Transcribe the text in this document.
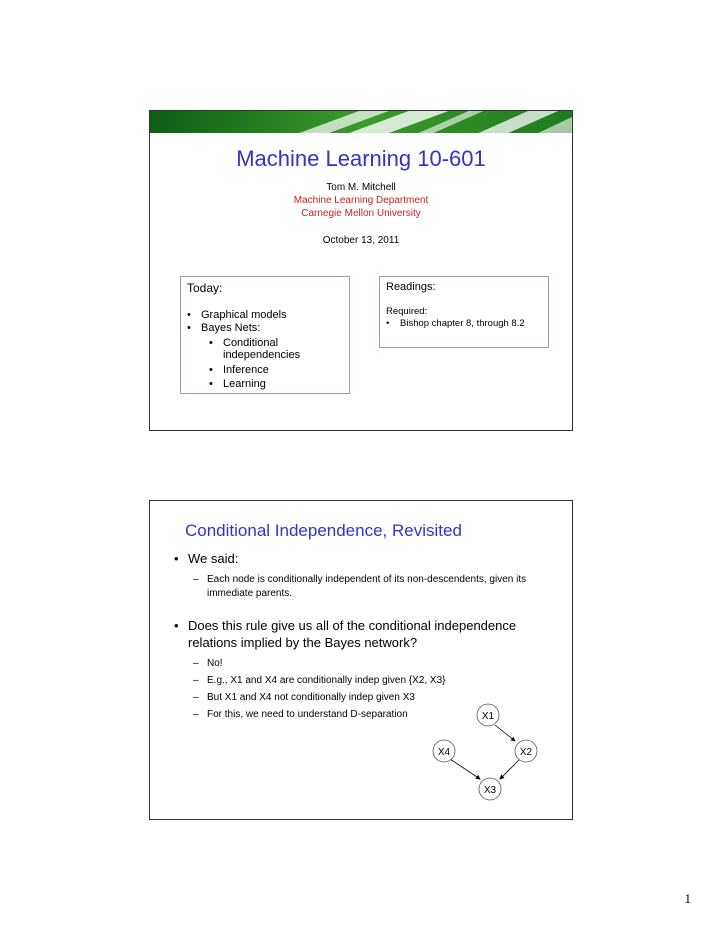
Machine Learning 10-601
Tom M. Mitchell
Machine Learning Department
Carnegie Mellon University
October 13, 2011
Today:
• Graphical models
• Bayes Nets:
• Conditional independencies
• Inference
• Learning
Readings:
Required:
• Bishop chapter 8, through 8.2
Conditional Independence, Revisited
• We said:
– Each node is conditionally independent of its non-descendents, given its immediate parents.
• Does this rule give us all of the conditional independence relations implied by the Bayes network?
– No!
– E.g., X1 and X4 are conditionally indep given {X2, X3}
– But X1 and X4 not conditionally indep given X3
– For this, we need to understand D-separation	X1
X4	X2
X3
1
